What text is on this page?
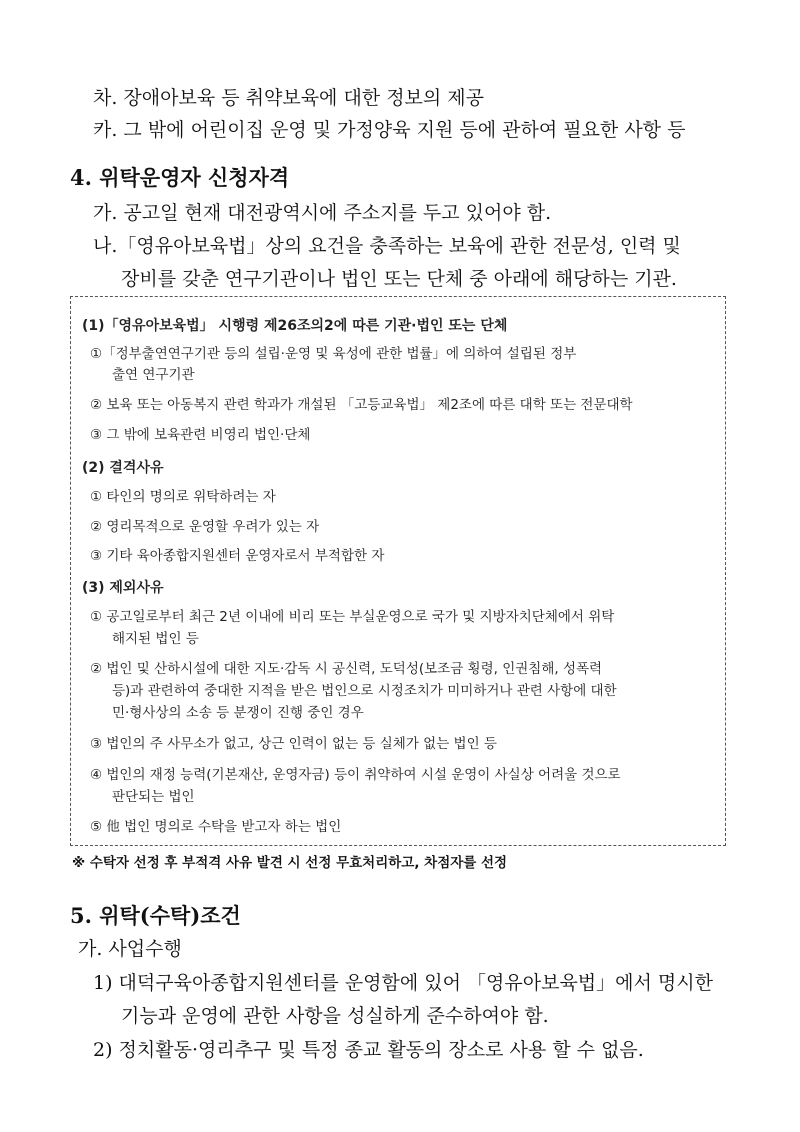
차. 장애아보육 등 취약보육에 대한 정보의 제공
카. 그 밖에 어린이집 운영 및 가정양육 지원 등에 관하여 필요한 사항 등
4. 위탁운영자 신청자격
가. 공고일 현재 대전광역시에 주소지를 두고 있어야 함.
나.「영유아보육법」상의 요건을 충족하는 보육에 관한 전문성, 인력 및
장비를 갖춘 연구기관이나 법인 또는 단체 중 아래에 해당하는 기관.
(1)「영유아보육법」 시행령 제26조의2에 따른 기관·법인 또는 단체
①「정부출연연구기관 등의 설립·운영 및 육성에 관한 법률」에 의하여 설립된 정부
출연 연구기관
② 보육 또는 아동복지 관련 학과가 개설된 「고등교육법」 제2조에 따른 대학 또는 전문대학
③ 그 밖에 보육관련 비영리 법인·단체
(2) 결격사유
① 타인의 명의로 위탁하려는 자
② 영리목적으로 운영할 우려가 있는 자
③ 기타 육아종합지원센터 운영자로서 부적합한 자
(3) 제외사유
① 공고일로부터 최근 2년 이내에 비리 또는 부실운영으로 국가 및 지방자치단체에서 위탁
해지된 법인 등
② 법인 및 산하시설에 대한 지도·감독 시 공신력, 도덕성(보조금 횡령, 인권침해, 성폭력
등)과 관련하여 중대한 지적을 받은 법인으로 시정조치가 미미하거나 관련 사항에 대한
민·형사상의 소송 등 분쟁이 진행 중인 경우
③ 법인의 주 사무소가 없고, 상근 인력이 없는 등 실체가 없는 법인 등
④ 법인의 재정 능력(기본재산, 운영자금) 등이 취약하여 시설 운영이 사실상 어려울 것으로
판단되는 법인
⑤ 他 법인 명의로 수탁을 받고자 하는 법인
※ 수탁자 선정 후 부적격 사유 발견 시 선정 무효처리하고, 차점자를 선정
5. 위탁(수탁)조건
가. 사업수행
1) 대덕구육아종합지원센터를 운영함에 있어 「영유아보육법」에서 명시한
기능과 운영에 관한 사항을 성실하게 준수하여야 함.
2) 정치활동·영리추구 및 특정 종교 활동의 장소로 사용 할 수 없음.
